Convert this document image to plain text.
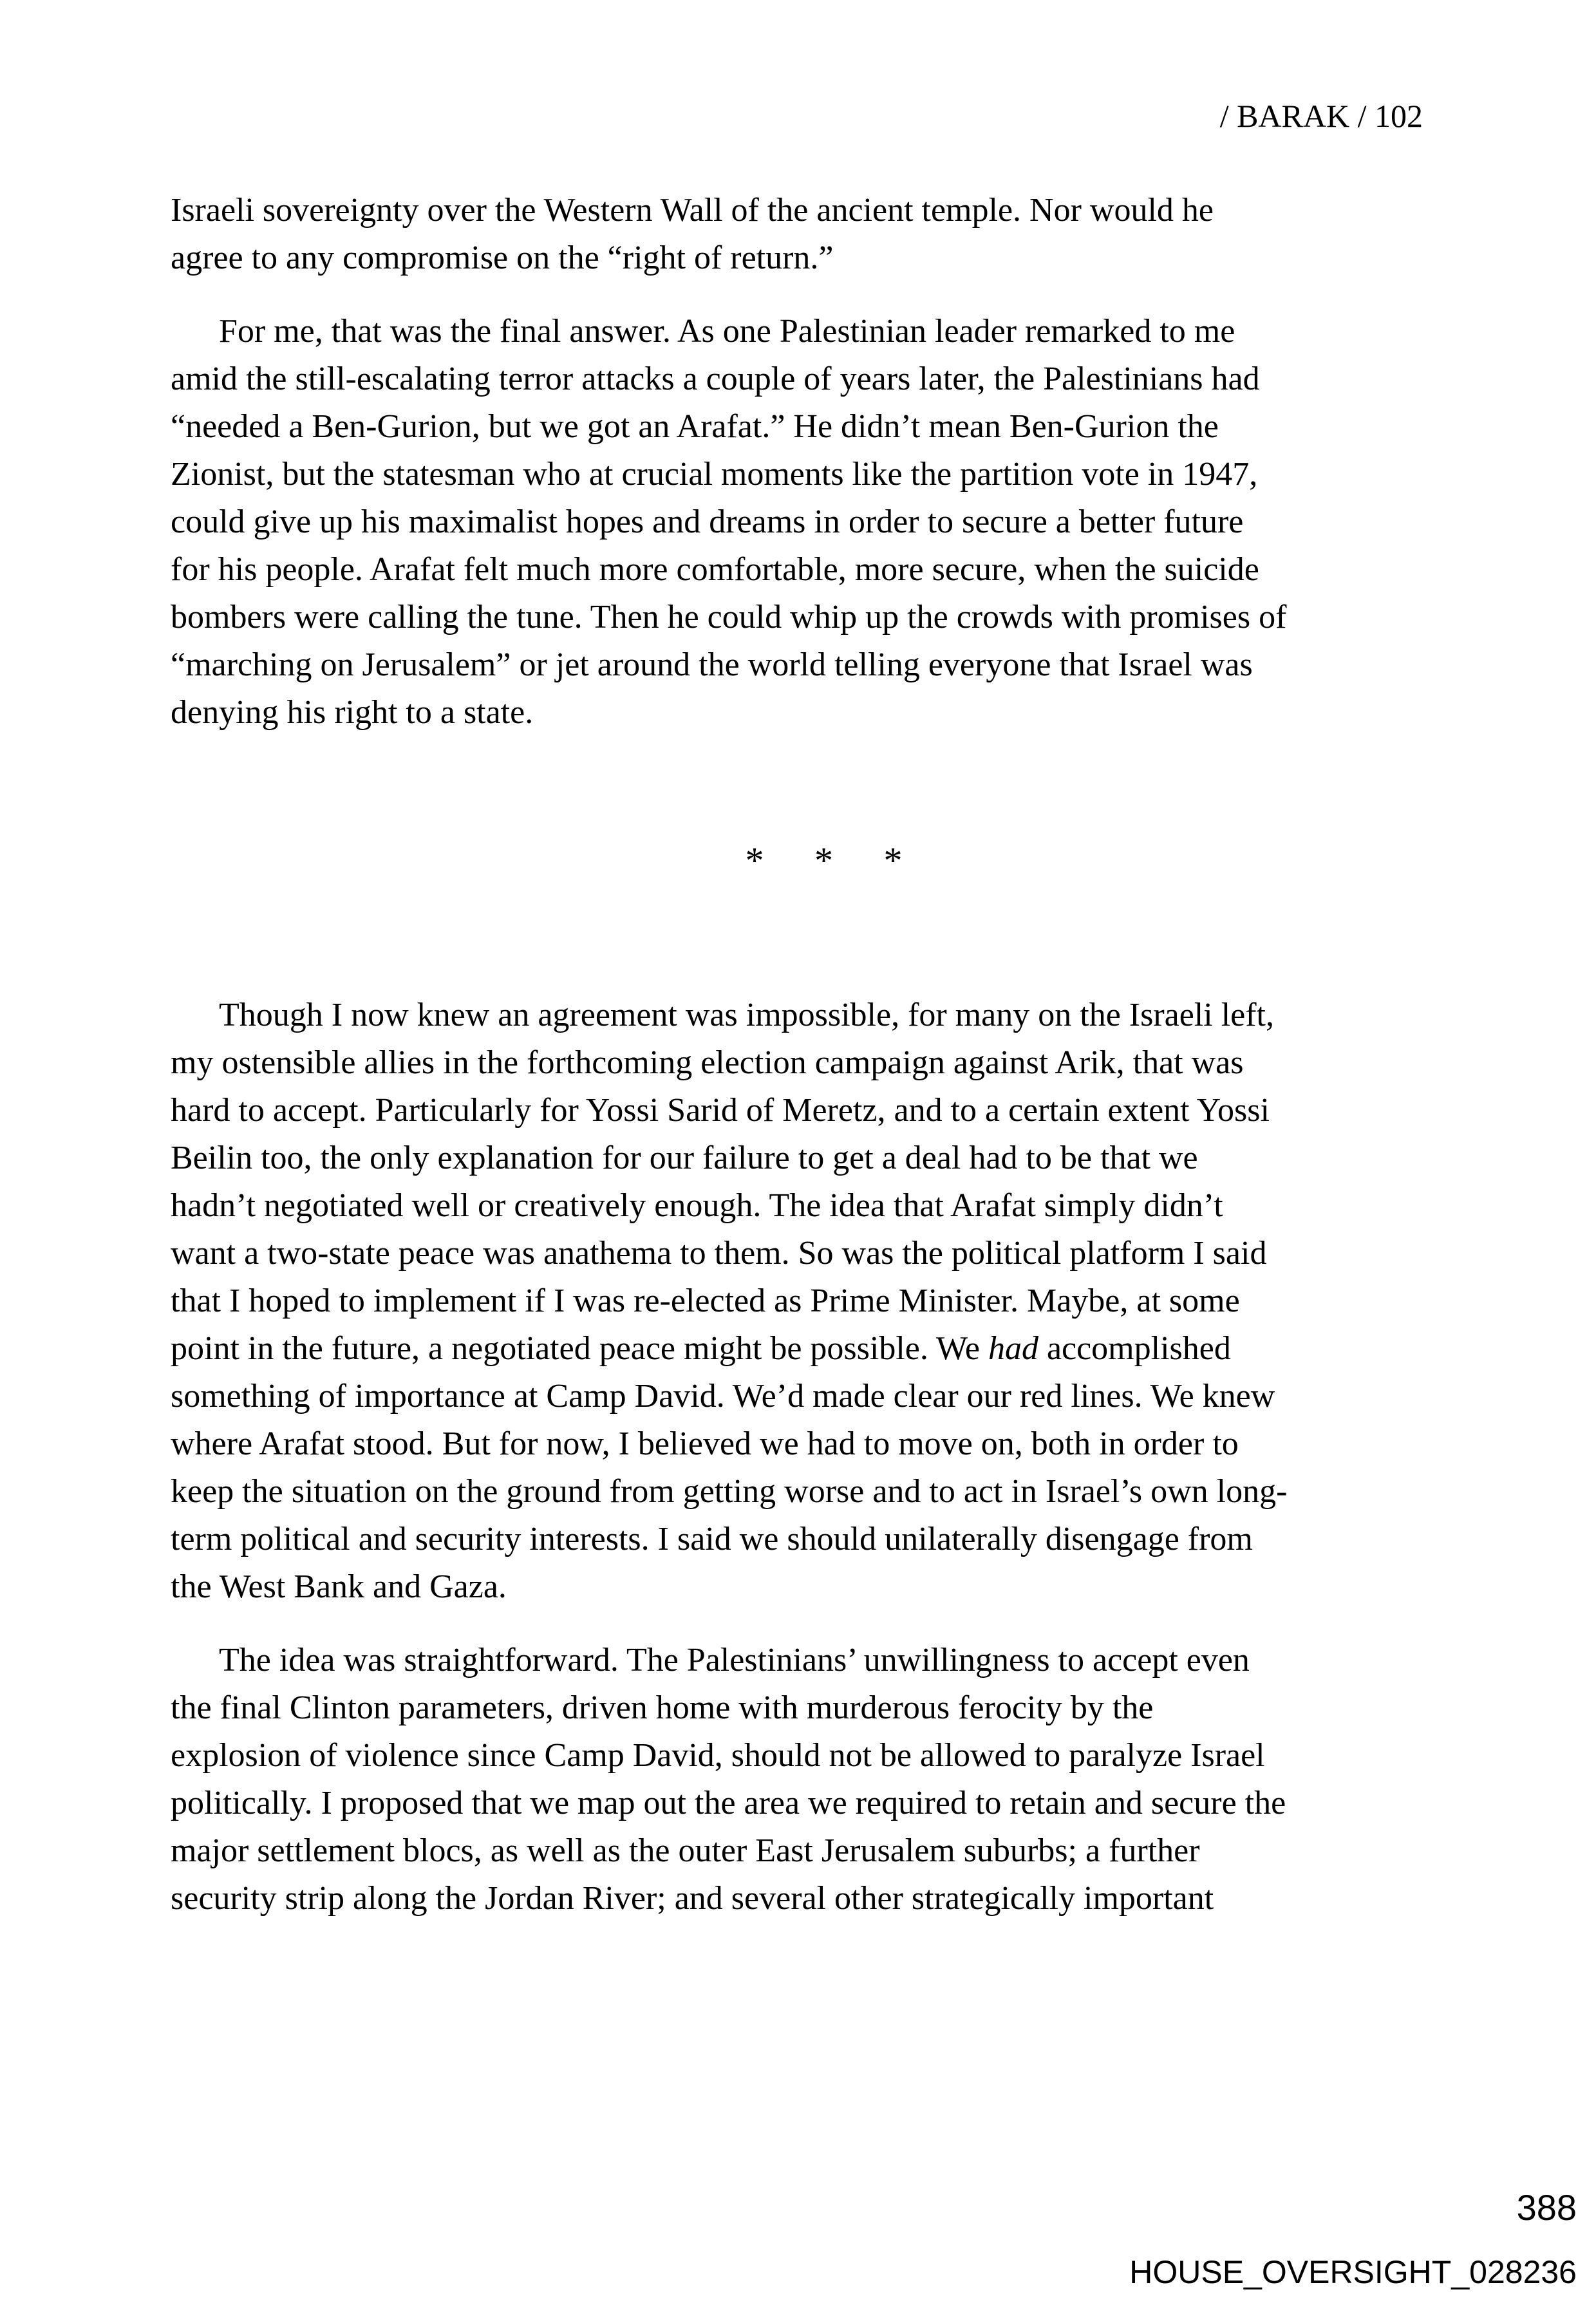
/ BARAK / 102
Israeli sovereignty over the Western Wall of the ancient temple. Nor would he
agree to any compromise on the “right of return.”
For me, that was the final answer. As one Palestinian leader remarked to me
amid the still-escalating terror attacks a couple of years later, the Palestinians had
“needed a Ben-Gurion, but we got an Arafat.” He didn’t mean Ben-Gurion the
Zionist, but the statesman who at crucial moments like the partition vote in 1947,
could give up his maximalist hopes and dreams in order to secure a better future
for his people. Arafat felt much more comfortable, more secure, when the suicide
bombers were calling the tune. Then he could whip up the crowds with promises of
“marching on Jerusalem” or jet around the world telling everyone that Israel was
denying his right to a state.
* * *
Though I now knew an agreement was impossible, for many on the Israeli left,
my ostensible allies in the forthcoming election campaign against Arik, that was
hard to accept. Particularly for Yossi Sarid of Meretz, and to a certain extent Yossi
Beilin too, the only explanation for our failure to get a deal had to be that we
hadn’t negotiated well or creatively enough. The idea that Arafat simply didn’t
want a two-state peace was anathema to them. So was the political platform I said
that I hoped to implement if I was re-elected as Prime Minister. Maybe, at some
point in the future, a negotiated peace might be possible. We had accomplished
something of importance at Camp David. We’d made clear our red lines. We knew
where Arafat stood. But for now, I believed we had to move on, both in order to
keep the situation on the ground from getting worse and to act in Israel’s own long-
term political and security interests. I said we should unilaterally disengage from
the West Bank and Gaza.
The idea was straightforward. The Palestinians’ unwillingness to accept even
the final Clinton parameters, driven home with murderous ferocity by the
explosion of violence since Camp David, should not be allowed to paralyze Israel
politically. I proposed that we map out the area we required to retain and secure the
major settlement blocs, as well as the outer East Jerusalem suburbs; a further
security strip along the Jordan River; and several other strategically important
388
HOUSE_OVERSIGHT_028236
